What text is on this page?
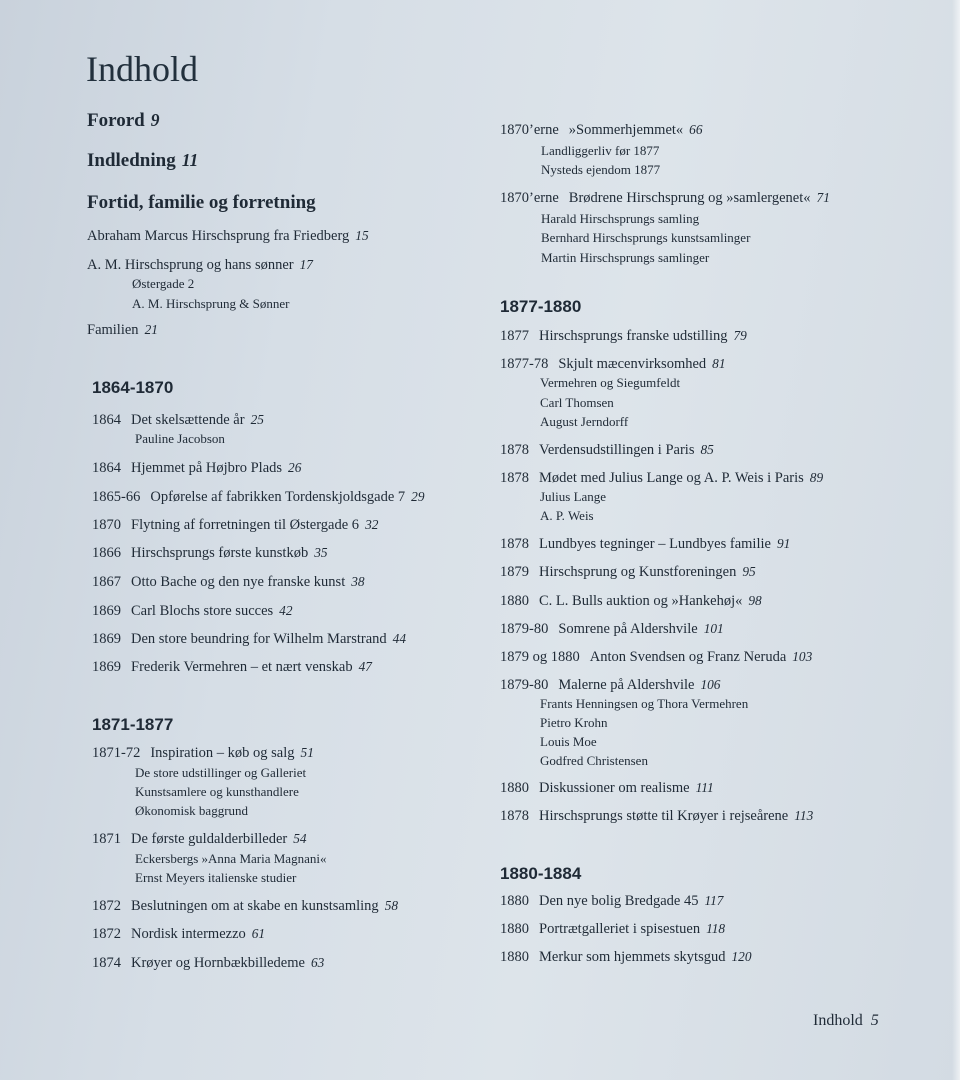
Indhold
Forord 9
Indledning 11
Fortid, familie og forretning
Abraham Marcus Hirschsprung fra Friedberg 15
A. M. Hirschsprung og hans sønner 17
Østergade 2
A. M. Hirschsprung & Sønner
Familien 21
1864-1870
1864 Det skelsættende år 25
Pauline Jacobson
1864 Hjemmet på Højbro Plads 26
1865-66 Opførelse af fabrikken Tordenskjoldsgade 7 29
1870 Flytning af forretningen til Østergade 6 32
1866 Hirschsprungs første kunstkøb 35
1867 Otto Bache og den nye franske kunst 38
1869 Carl Blochs store succes 42
1869 Den store beundring for Wilhelm Marstrand 44
1869 Frederik Vermehren – et nært venskab 47
1871-1877
1871-72 Inspiration – køb og salg 51
De store udstillinger og Galleriet
Kunstsamlere og kunsthandlere
Økonomisk baggrund
1871 De første guldalderbilleder 54
Eckersbergs »Anna Maria Magnani«
Ernst Meyers italienske studier
1872 Beslutningen om at skabe en kunstsamling 58
1872 Nordisk intermezzo 61
1874 Krøyer og Hornbækbilledeme 63
1870’erne »Sommerhjemmet« 66
Landliggerliv før 1877
Nysteds ejendom 1877
1870’erne Brødrene Hirschsprung og »samlergenet« 71
Harald Hirschsprungs samling
Bernhard Hirschsprungs kunstsamlinger
Martin Hirschsprungs samlinger
1877-1880
1877 Hirschsprungs franske udstilling 79
1877-78 Skjult mæcenvirksomhed 81
Vermehren og Siegumfeldt
Carl Thomsen
August Jerndorff
1878 Verdensudstillingen i Paris 85
1878 Mødet med Julius Lange og A. P. Weis i Paris 89
Julius Lange
A. P. Weis
1878 Lundbyes tegninger – Lundbyes familie 91
1879 Hirschsprung og Kunstforeningen 95
1880 C. L. Bulls auktion og »Hankehøj« 98
1879-80 Somrene på Aldershvile 101
1879 og 1880 Anton Svendsen og Franz Neruda 103
1879-80 Malerne på Aldershvile 106
Frants Henningsen og Thora Vermehren
Pietro Krohn
Louis Moe
Godfred Christensen
1880 Diskussioner om realisme 111
1878 Hirschsprungs støtte til Krøyer i rejseårene 113
1880-1884
1880 Den nye bolig Bredgade 45 117
1880 Portrætgalleriet i spisestuen 118
1880 Merkur som hjemmets skytsgud 120
Indhold 5
